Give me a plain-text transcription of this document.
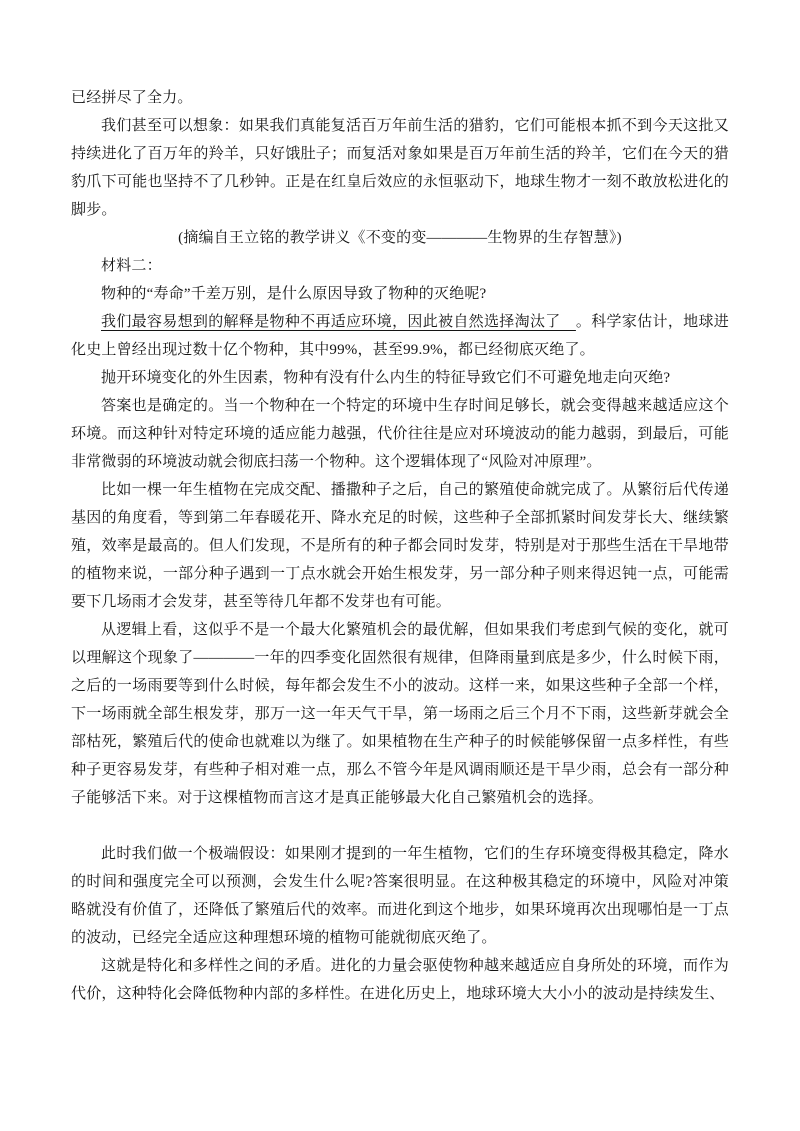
已经拼尽了全力。

我们甚至可以想象：如果我们真能复活百万年前生活的猎豹，它们可能根本抓不到今天这批又持续进化了百万年的羚羊，只好饿肚子；而复活对象如果是百万年前生活的羚羊，它们在今天的猎豹爪下可能也坚持不了几秒钟。正是在红皇后效应的永恒驱动下，地球生物才一刻不敢放松进化的脚步。

(摘编自王立铭的教学讲义《不变的变————生物界的生存智慧》)

材料二：

物种的“寿命”千差万别，是什么原因导致了物种的灭绝呢?

我们最容易想到的解释是物种不再适应环境，因此被自然选择淘汰了　。科学家估计，地球进化史上曾经出现过数十亿个物种，其中99%，甚至99.9%，都已经彻底灭绝了。

抛开环境变化的外生因素，物种有没有什么内生的特征导致它们不可避免地走向灭绝?

答案也是确定的。当一个物种在一个特定的环境中生存时间足够长，就会变得越来越适应这个环境。而这种针对特定环境的适应能力越强，代价往往是应对环境波动的能力越弱，到最后，可能非常微弱的环境波动就会彻底扫荡一个物种。这个逻辑体现了“风险对冲原理”。

比如一棵一年生植物在完成交配、播撒种子之后，自己的繁殖使命就完成了。从繁衍后代传递基因的角度看，等到第二年春暖花开、降水充足的时候，这些种子全部抓紧时间发芽长大、继续繁殖，效率是最高的。但人们发现，不是所有的种子都会同时发芽，特别是对于那些生活在干旱地带的植物来说，一部分种子遇到一丁点水就会开始生根发芽，另一部分种子则来得迟钝一点，可能需要下几场雨才会发芽，甚至等待几年都不发芽也有可能。

从逻辑上看，这似乎不是一个最大化繁殖机会的最优解，但如果我们考虑到气候的变化，就可以理解这个现象了————一年的四季变化固然很有规律，但降雨量到底是多少，什么时候下雨，之后的一场雨要等到什么时候，每年都会发生不小的波动。这样一来，如果这些种子全部一个样，下一场雨就全部生根发芽，那万一这一年天气干旱，第一场雨之后三个月不下雨，这些新芽就会全部枯死，繁殖后代的使命也就难以为继了。如果植物在生产种子的时候能够保留一点多样性，有些种子更容易发芽，有些种子相对难一点，那么不管今年是风调雨顺还是干旱少雨，总会有一部分种子能够活下来。对于这棵植物而言这才是真正能够最大化自己繁殖机会的选择。

此时我们做一个极端假设：如果刚才提到的一年生植物，它们的生存环境变得极其稳定，降水的时间和强度完全可以预测，会发生什么呢?答案很明显。在这种极其稳定的环境中，风险对冲策略就没有价值了，还降低了繁殖后代的效率。而进化到这个地步，如果环境再次出现哪怕是一丁点的波动，已经完全适应这种理想环境的植物可能就彻底灭绝了。

这就是特化和多样性之间的矛盾。进化的力量会驱使物种越来越适应自身所处的环境，而作为代价，这种特化会降低物种内部的多样性。在进化历史上，地球环境大大小小的波动是持续发生、
